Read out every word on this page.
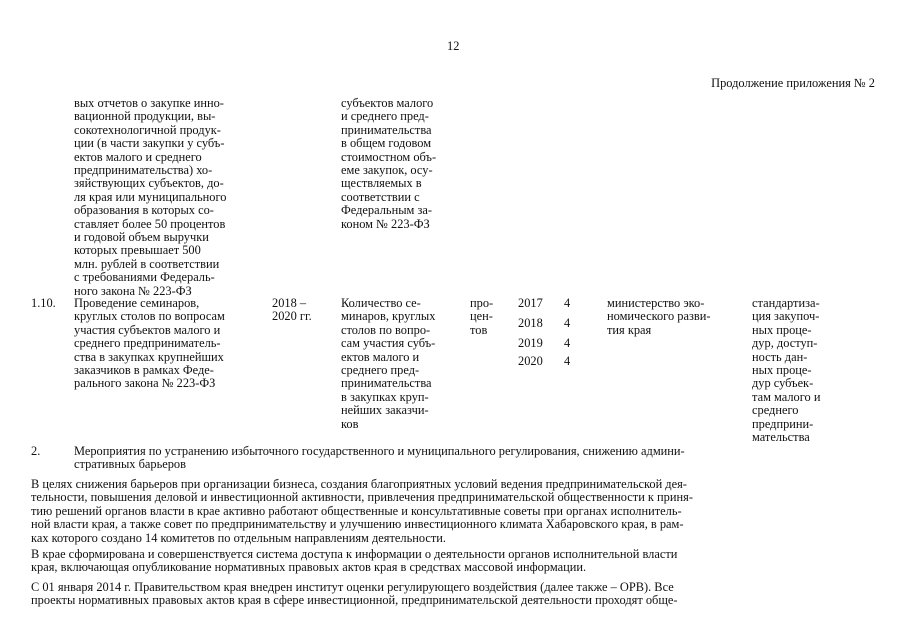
12
Продолжение приложения № 2
вых отчетов о закупке инно-
вационной продукции, вы-
сокотехнологичной продук-
ции (в части закупки у субъ-
ектов малого и среднего
предпринимательства) хо-
зяйствующих субъектов, до-
ля края или муниципального
образования в которых со-
ставляет более 50 процентов
и годовой объем выручки
которых превышает 500
млн. рублей в соответствии
с требованиями Федераль-
ного закона № 223-ФЗ
субъектов малого
и среднего пред-
принимательства
в общем годовом
стоимостном объ-
еме закупок, осу-
ществляемых в
соответствии с
Федеральным за-
коном № 223-ФЗ
1.10. Проведение семинаров,
круглых столов по вопросам
участия субъектов малого и
среднего предприниматель-
ства в закупках крупнейших
заказчиков в рамках Феде-
рального закона № 223-ФЗ
2018 –
2020 гг.
Количество се-
минаров, круглых
столов по вопро-
сам участия субъ-
ектов малого и
среднего пред-
принимательства
в закупках круп-
нейших заказчи-
ков
про-
цен-
тов
2017 4
2018 4
2019 4
2020 4
министерство эко-
номического разви-
тия края
стандартиза-
ция закупоч-
ных проце-
дур, доступ-
ность дан-
ных проце-
дур субъек-
там малого и
среднего
предприни-
мательства
2.	Мероприятия по устранению избыточного государственного и муниципального регулирования, снижению админи-
стративных барьеров
В целях снижения барьеров при организации бизнеса, создания благоприятных условий ведения предпринимательской дея-
тельности, повышения деловой и инвестиционной активности, привлечения предпринимательской общественности к приня-
тию решений органов власти в крае активно работают общественные и консультативные советы при органах исполнитель-
ной власти края, а также совет по предпринимательству и улучшению инвестиционного климата Хабаровского края, в рам-
ках которого создано 14 комитетов по отдельным направлениям деятельности.
В крае сформирована и совершенствуется система доступа к информации о деятельности органов исполнительной власти
края, включающая опубликование нормативных правовых актов края в средствах массовой информации.
С 01 января 2014 г. Правительством края внедрен институт оценки регулирующего воздействия (далее также – ОРВ). Все
проекты нормативных правовых актов края в сфере инвестиционной, предпринимательской деятельности проходят обще-
